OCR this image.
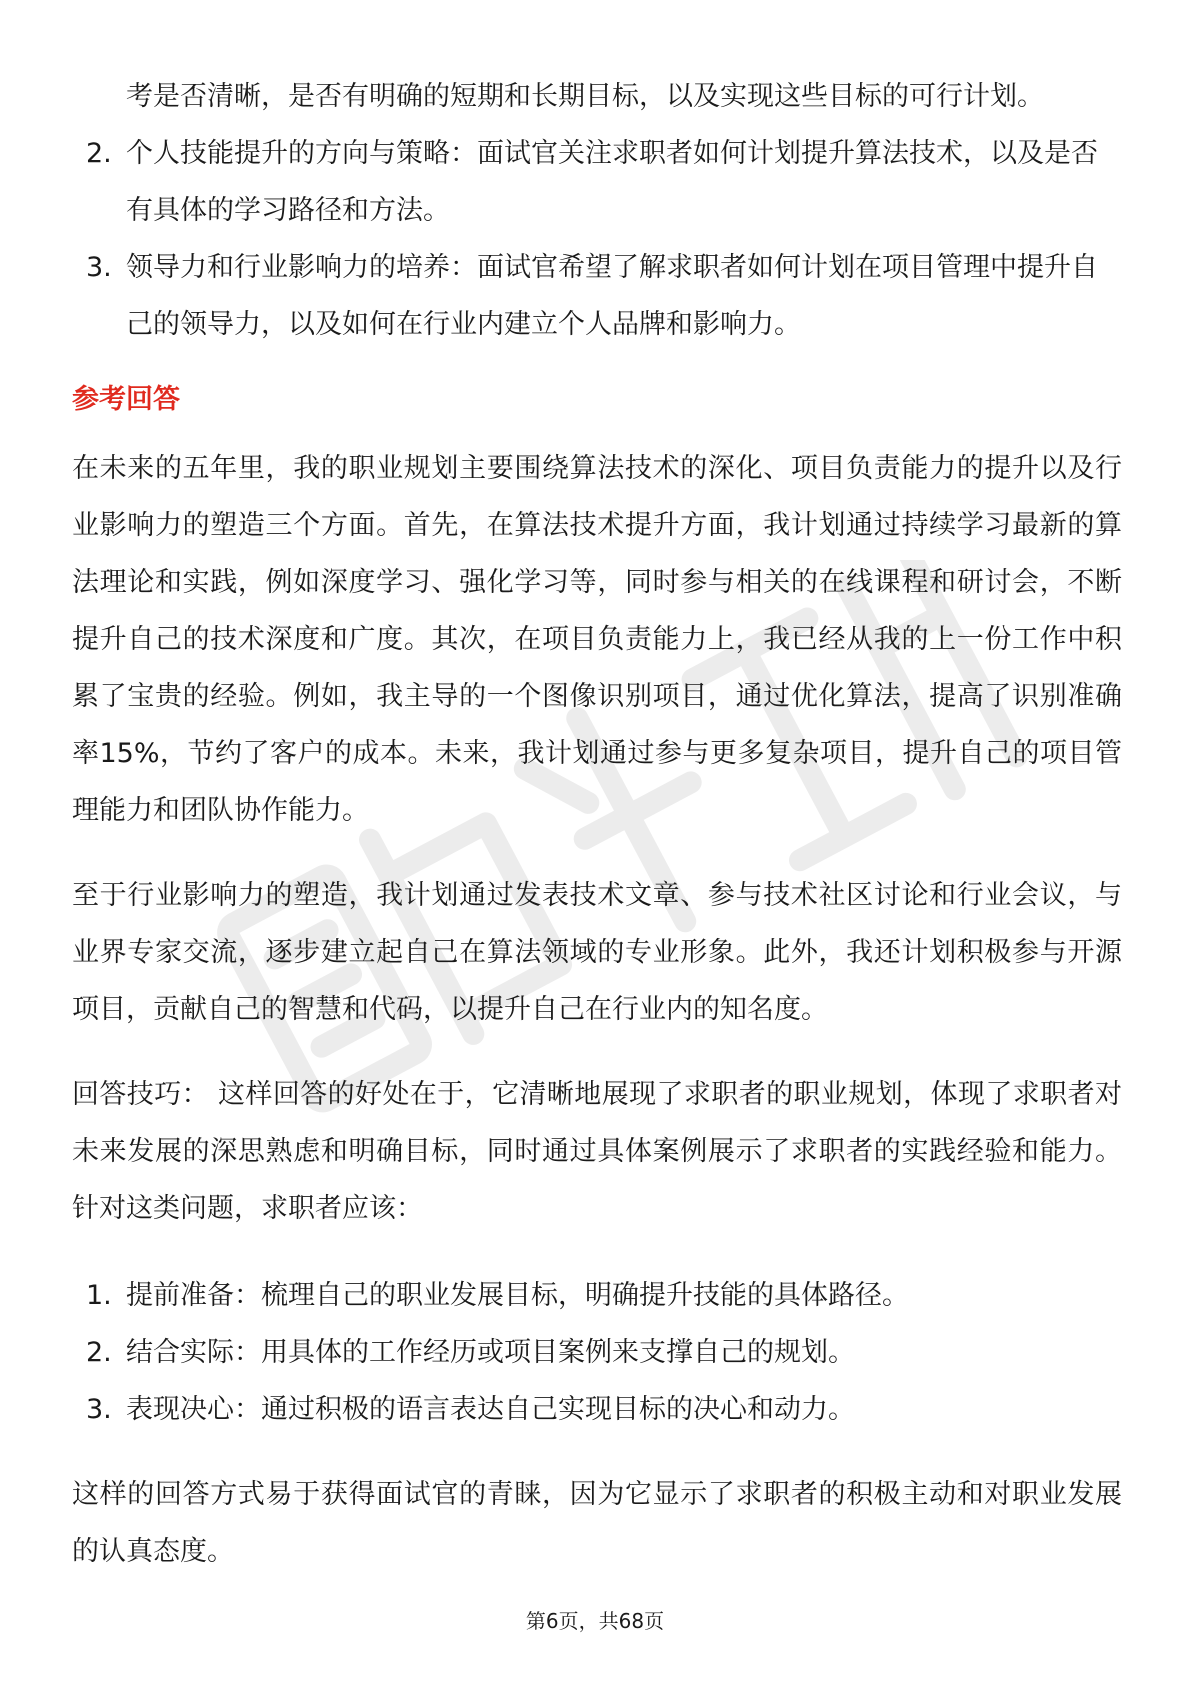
考是否清晰，是否有明确的短期和长期目标，以及实现这些目标的可行计划。
2. 个人技能提升的方向与策略：面试官关注求职者如何计划提升算法技术，以及是否有具体的学习路径和方法。
3. 领导力和行业影响力的培养：面试官希望了解求职者如何计划在项目管理中提升自己的领导力，以及如何在行业内建立个人品牌和影响力。
参考回答

在未来的五年里，我的职业规划主要围绕算法技术的深化、项目负责能力的提升以及行业影响力的塑造三个方面。首先，在算法技术提升方面，我计划通过持续学习最新的算法理论和实践，例如深度学习、强化学习等，同时参与相关的在线课程和研讨会，不断提升自己的技术深度和广度。其次，在项目负责能力上，我已经从我的上一份工作中积累了宝贵的经验。例如，我主导的一个图像识别项目，通过优化算法，提高了识别准确率15%，节约了客户的成本。未来，我计划通过参与更多复杂项目，提升自己的项目管理能力和团队协作能力。

至于行业影响力的塑造，我计划通过发表技术文章、参与技术社区讨论和行业会议，与业界专家交流，逐步建立起自己在算法领域的专业形象。此外，我还计划积极参与开源项目，贡献自己的智慧和代码，以提升自己在行业内的知名度。

回答技巧： 这样回答的好处在于，它清晰地展现了求职者的职业规划，体现了求职者对未来发展的深思熟虑和明确目标，同时通过具体案例展示了求职者的实践经验和能力。针对这类问题，求职者应该：

1. 提前准备：梳理自己的职业发展目标，明确提升技能的具体路径。
2. 结合实际：用具体的工作经历或项目案例来支撑自己的规划。
3. 表现决心：通过积极的语言表达自己实现目标的决心和动力。

这样的回答方式易于获得面试官的青睐，因为它显示了求职者的积极主动和对职业发展的认真态度。

第6页，共68页
